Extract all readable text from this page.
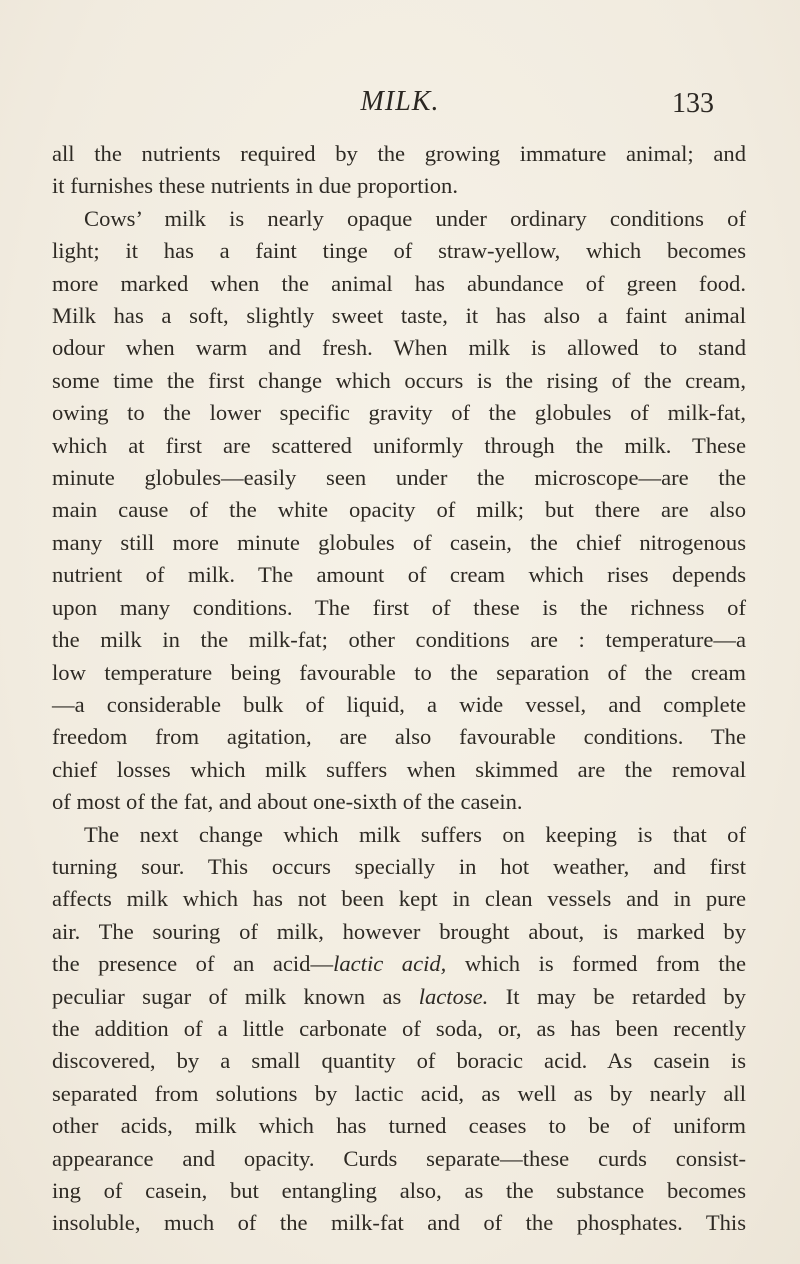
MILK.	133

all the nutrients required by the growing immature animal; and

it furnishes these nutrients in due proportion.

Cows’ milk is nearly opaque under ordinary conditions of

light; it has a faint tinge of straw-yellow, which becomes

more marked when the animal has abundance of green food.

Milk has a soft, slightly sweet taste, it has also a faint animal

odour when warm and fresh. When milk is allowed to stand

some time the first change which occurs is the rising of the cream,

owing to the lower specific gravity of the globules of milk-fat,

which at first are scattered uniformly through the milk. These

minute globules—easily seen under the microscope—are the

main cause of the white opacity of milk; but there are also

many still more minute globules of casein, the chief nitrogenous

nutrient of milk. The amount of cream which rises depends

upon many conditions. The first of these is the richness of

the milk in the milk-fat; other conditions are : temperature—a

low temperature being favourable to the separation of the cream

—a considerable bulk of liquid, a wide vessel, and complete

freedom from agitation, are also favourable conditions. The

chief losses which milk suffers when skimmed are the removal

of most of the fat, and about one-sixth of the casein.

The next change which milk suffers on keeping is that of

turning sour. This occurs specially in hot weather, and first

affects milk which has not been kept in clean vessels and in pure

air. The souring of milk, however brought about, is marked by

the presence of an acid—lactic acid, which is formed from the

peculiar sugar of milk known as lactose. It may be retarded by

the addition of a little carbonate of soda, or, as has been recently

discovered, by a small quantity of boracic acid. As casein is

separated from solutions by lactic acid, as well as by nearly all

other acids, milk which has turned ceases to be of uniform

appearance and opacity. Curds separate—these curds consist-

ing of casein, but entangling also, as the substance becomes

insoluble, much of the milk-fat and of the phosphates. This
